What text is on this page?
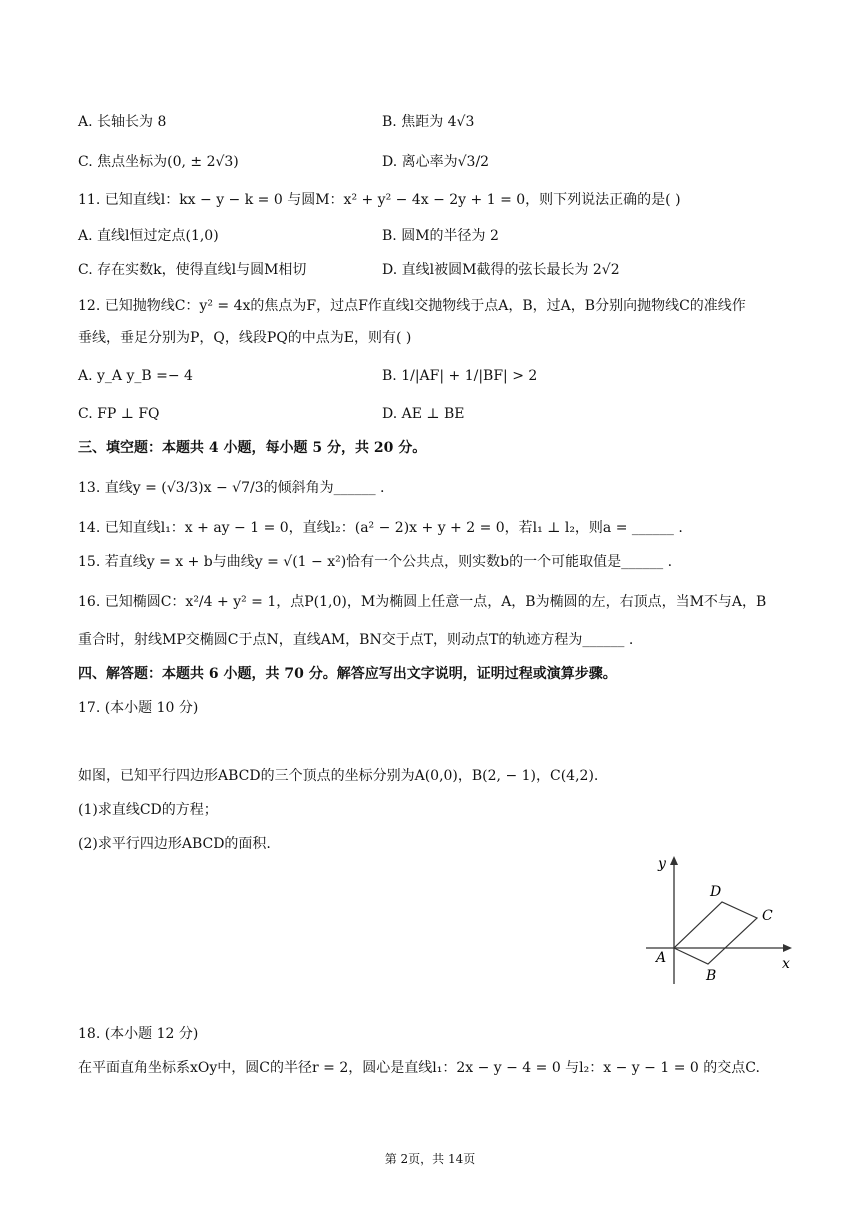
A. 长轴长为 8	B. 焦距为 4√3
C. 焦点坐标为(0, ± 2√3)	D. 离心率为√3/2
11. 已知直线l：kx − y − k = 0 与圆M：x² + y² − 4x − 2y + 1 = 0，则下列说法正确的是( )
A. 直线l恒过定点(1,0)	B. 圆M的半径为 2
C. 存在实数k，使得直线l与圆M相切	D. 直线l被圆M截得的弦长最长为 2√2
12. 已知抛物线C：y² = 4x的焦点为F，过点F作直线l交抛物线于点A，B，过A，B分别向抛物线C的准线作
垂线，垂足分别为P，Q，线段PQ的中点为E，则有( )
A. y_A y_B =− 4	B. 1/|AF| + 1/|BF| > 2
C. FP ⊥ FQ	D. AE ⊥ BE
三、填空题：本题共 4 小题，每小题 5 分，共 20 分。
13. 直线y = (√3/3)x − √7/3的倾斜角为______ .
14. 已知直线l₁：x + ay − 1 = 0，直线l₂：(a² − 2)x + y + 2 = 0，若l₁ ⊥ l₂，则a = ______ .
15. 若直线y = x + b与曲线y = √(1 − x²)恰有一个公共点，则实数b的一个可能取值是______ .
16. 已知椭圆C：x²/4 + y² = 1，点P(1,0)，M为椭圆上任意一点，A，B为椭圆的左，右顶点，当M不与A，B
重合时，射线MP交椭圆C于点N，直线AM，BN交于点T，则动点T的轨迹方程为______ .
四、解答题：本题共 6 小题，共 70 分。解答应写出文字说明，证明过程或演算步骤。
17. (本小题 10 分)
如图，已知平行四边形ABCD的三个顶点的坐标分别为A(0,0)，B(2, − 1)，C(4,2).
(1)求直线CD的方程；
(2)求平行四边形ABCD的面积.
y
x
A
B
C
D
18. (本小题 12 分)
在平面直角坐标系xOy中，圆C的半径r = 2，圆心是直线l₁：2x − y − 4 = 0 与l₂：x − y − 1 = 0 的交点C.
第 2页，共 14页
